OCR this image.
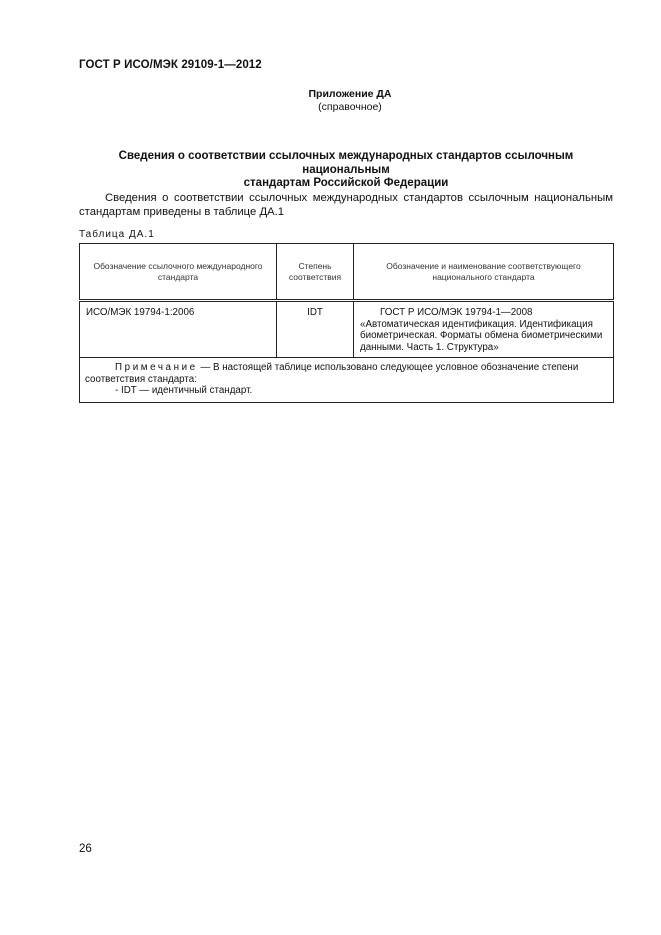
ГОСТ Р ИСО/МЭК 29109-1—2012
Приложение ДА
(справочное)
Сведения о соответствии ссылочных международных стандартов ссылочным национальным
стандартам Российской Федерации
Сведения о соответствии ссылочных международных стандартов ссылочным национальным стандартам приведены в таблице ДА.1
Таблица ДА.1
Обозначение ссылочного международного стандарта	Степень соответствия	Обозначение и наименование соответствующего национального стандарта

ИСО/МЭК 19794-1:2006	IDT	ГОСТ Р ИСО/МЭК 19794-1—2008 «Автоматическая идентификация. Идентификация биометрическая. Форматы обмена биометрическими данными. Часть 1. Структура»

Примечание — В настоящей таблице использовано следующее условное обозначение степени соответствия стандарта:
- IDT — идентичный стандарт.		
26
